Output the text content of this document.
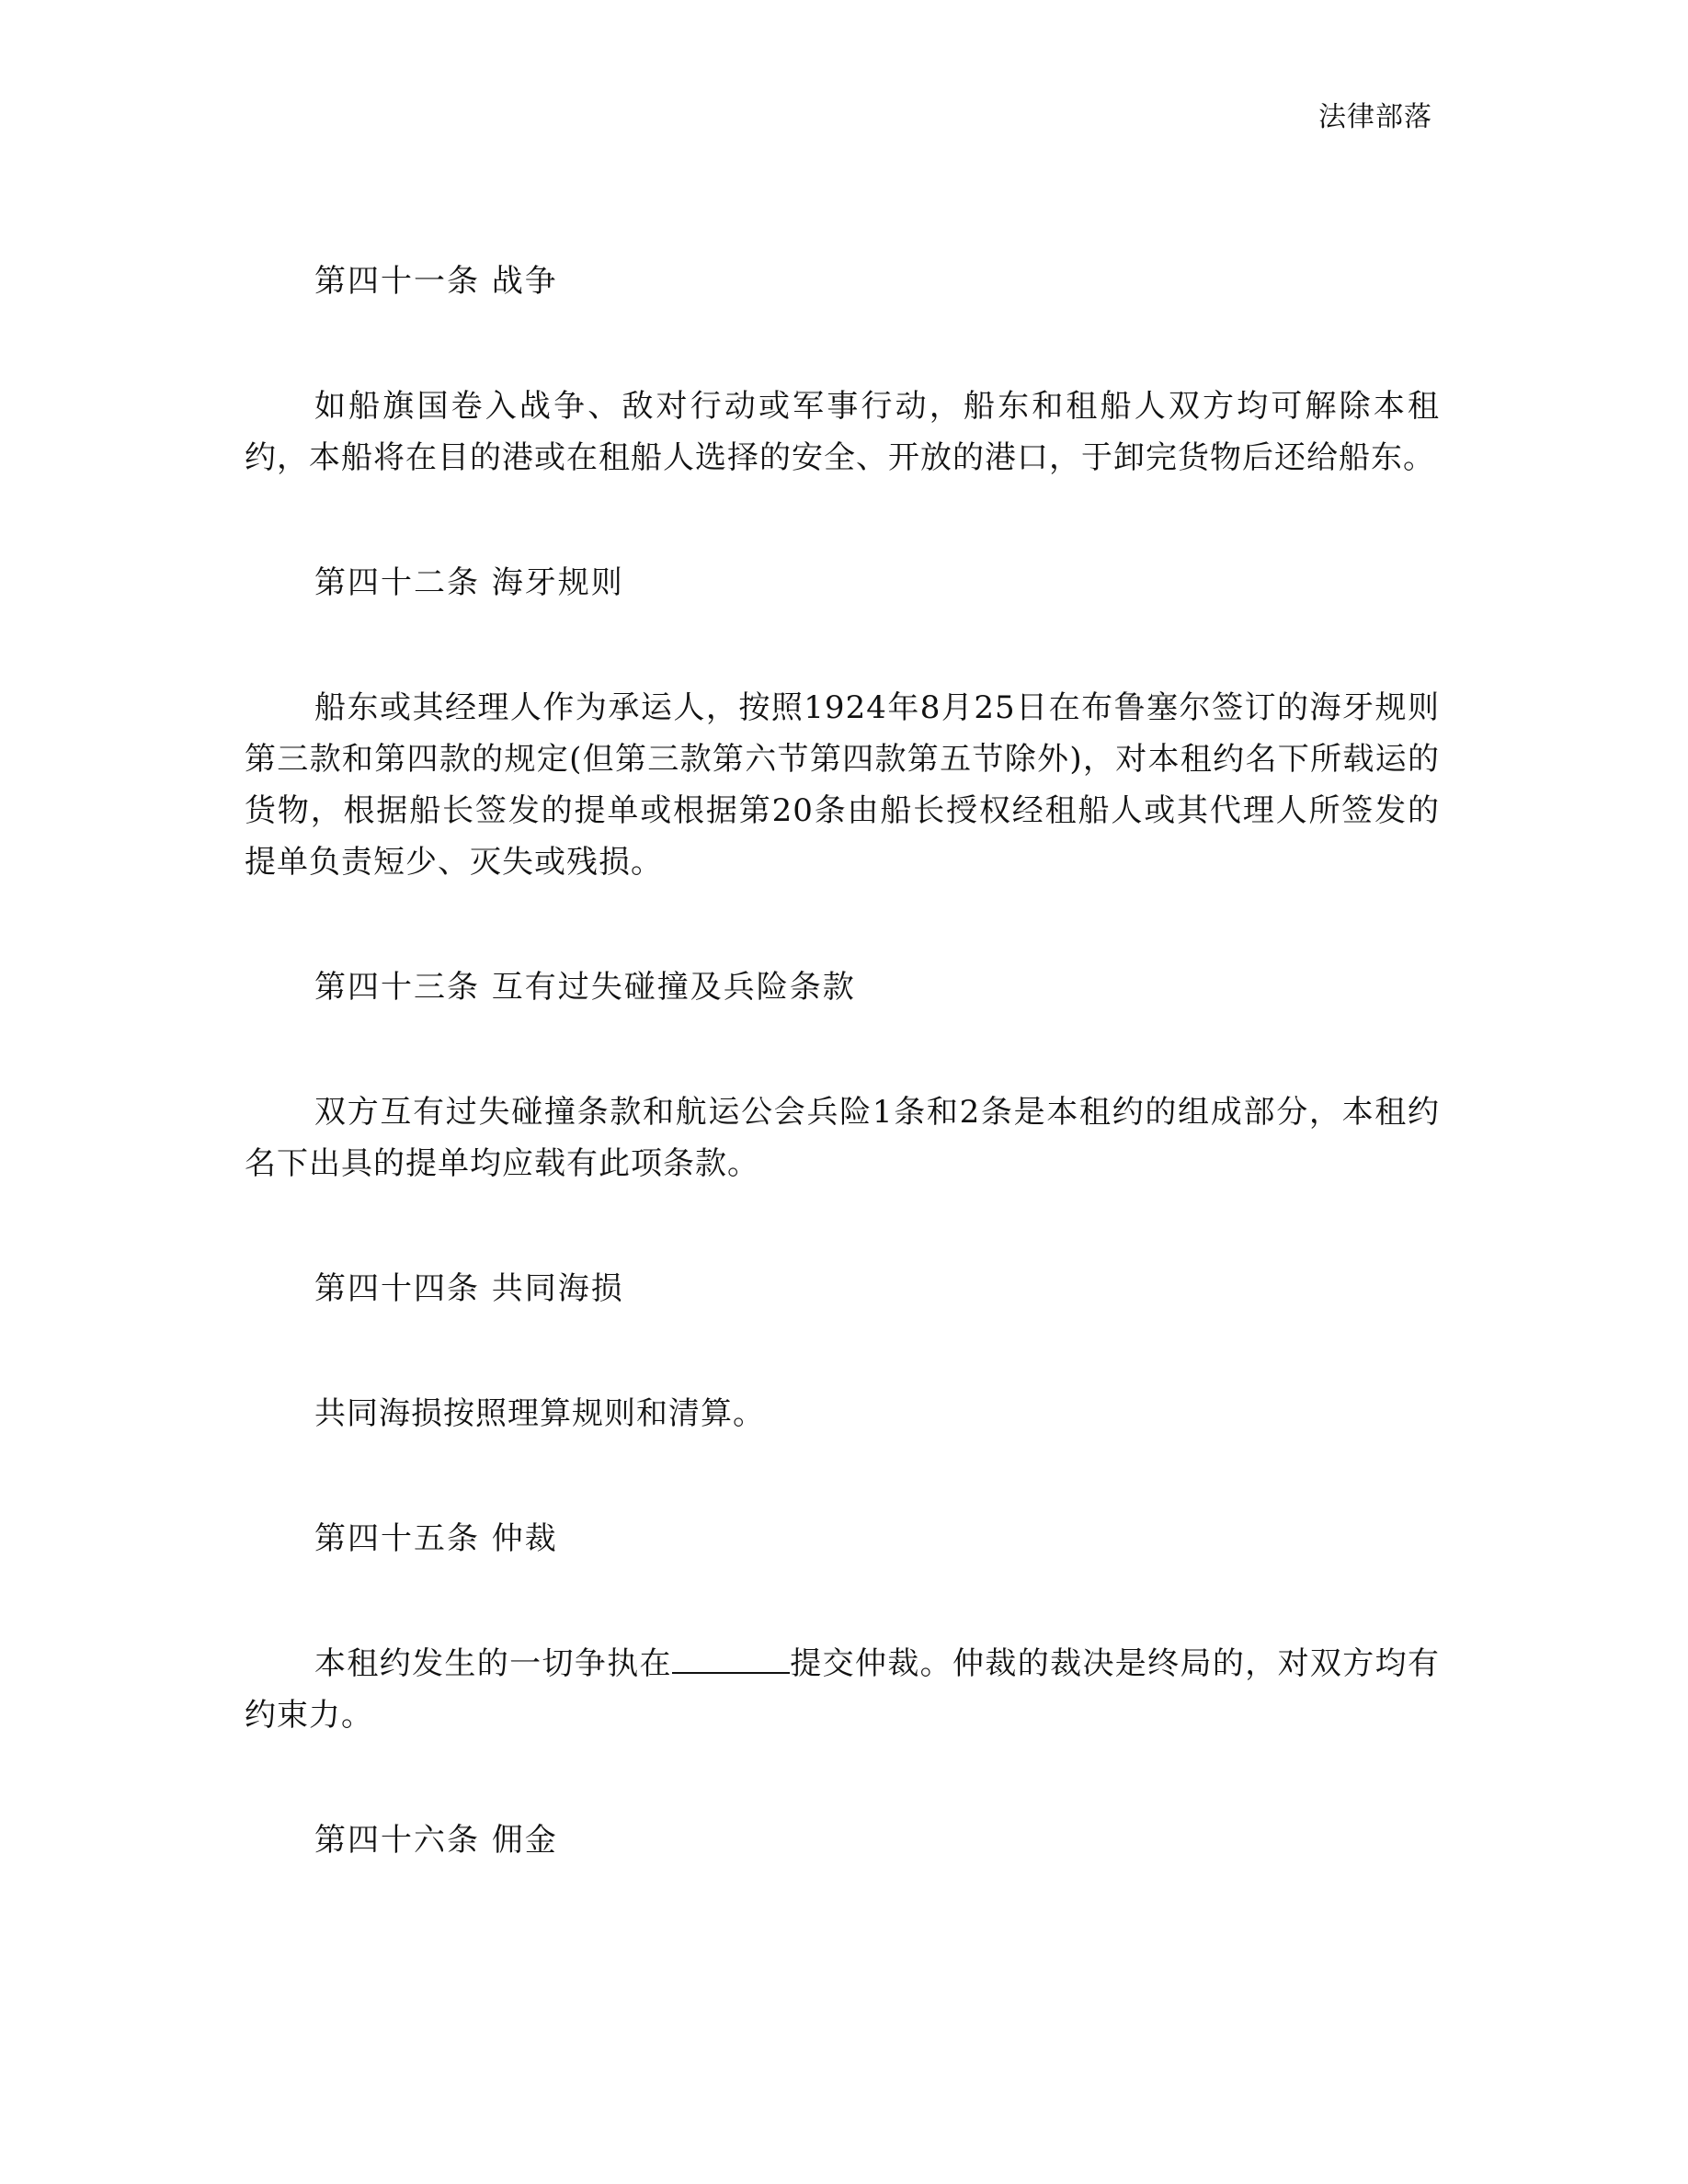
法律部落
第四十一条 战争

如船旗国卷入战争、敌对行动或军事行动，船东和租船人双方均可解除本租约，本船将在目的港或在租船人选择的安全、开放的港口，于卸完货物后还给船东。

第四十二条 海牙规则

船东或其经理人作为承运人，按照1924年8月25日在布鲁塞尔签订的海牙规则第三款和第四款的规定(但第三款第六节第四款第五节除外)，对本租约名下所载运的货物，根据船长签发的提单或根据第20条由船长授权经租船人或其代理人所签发的提单负责短少、灭失或残损。

第四十三条 互有过失碰撞及兵险条款

双方互有过失碰撞条款和航运公会兵险1条和2条是本租约的组成部分，本租约名下出具的提单均应载有此项条款。

第四十四条 共同海损

共同海损按照理算规则和清算。

第四十五条 仲裁

本租约发生的一切争执在	提交仲裁。仲裁的裁决是终局的，对双方均有约束力。

第四十六条 佣金
